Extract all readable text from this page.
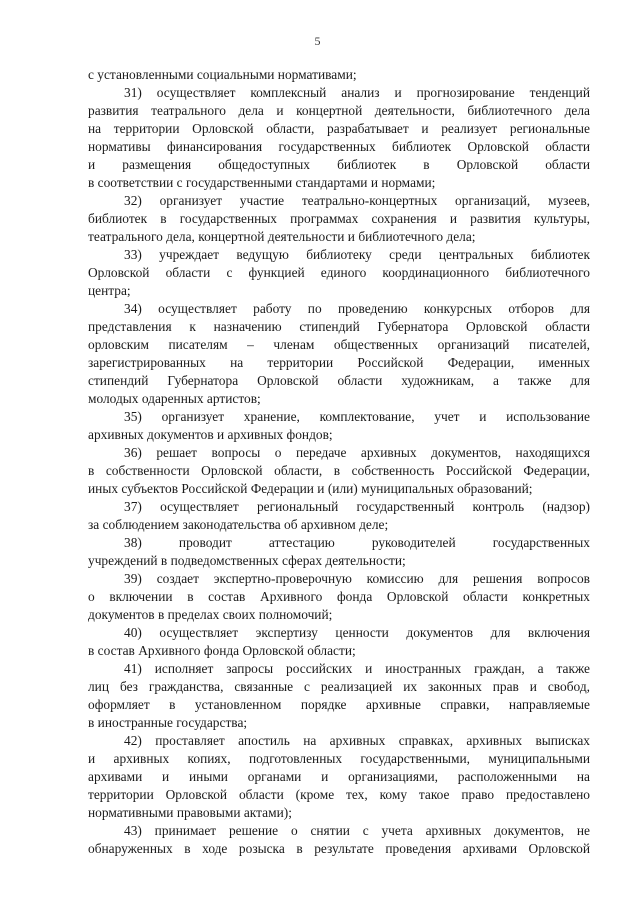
5
с установленными социальными нормативами;
31) осуществляет комплексный анализ и прогнозирование тенденций
развития театрального дела и концертной деятельности, библиотечного дела
на территории Орловской области, разрабатывает и реализует региональные
нормативы финансирования государственных библиотек Орловской области
и размещения общедоступных библиотек в Орловской области
в соответствии с государственными стандартами и нормами;
32) организует участие театрально-концертных организаций, музеев,
библиотек в государственных программах сохранения и развития культуры,
театрального дела, концертной деятельности и библиотечного дела;
33) учреждает ведущую библиотеку среди центральных библиотек
Орловской области с функцией единого координационного библиотечного
центра;
34) осуществляет работу по проведению конкурсных отборов для
представления к назначению стипендий Губернатора Орловской области
орловским писателям – членам общественных организаций писателей,
зарегистрированных на территории Российской Федерации, именных
стипендий Губернатора Орловской области художникам, а также для
молодых одаренных артистов;
35) организует хранение, комплектование, учет и использование
архивных документов и архивных фондов;
36) решает вопросы о передаче архивных документов, находящихся
в собственности Орловской области, в собственность Российской Федерации,
иных субъектов Российской Федерации и (или) муниципальных образований;
37) осуществляет региональный государственный контроль (надзор)
за соблюдением законодательства об архивном деле;
38) проводит аттестацию руководителей государственных
учреждений в подведомственных сферах деятельности;
39) создает экспертно-проверочную комиссию для решения вопросов
о включении в состав Архивного фонда Орловской области конкретных
документов в пределах своих полномочий;
40) осуществляет экспертизу ценности документов для включения
в состав Архивного фонда Орловской области;
41) исполняет запросы российских и иностранных граждан, а также
лиц без гражданства, связанные с реализацией их законных прав и свобод,
оформляет в установленном порядке архивные справки, направляемые
в иностранные государства;
42) проставляет апостиль на архивных справках, архивных выписках
и архивных копиях, подготовленных государственными, муниципальными
архивами и иными органами и организациями, расположенными на
территории Орловской области (кроме тех, кому такое право предоставлено
нормативными правовыми актами);
43) принимает решение о снятии с учета архивных документов, не
обнаруженных в ходе розыска в результате проведения архивами Орловской
